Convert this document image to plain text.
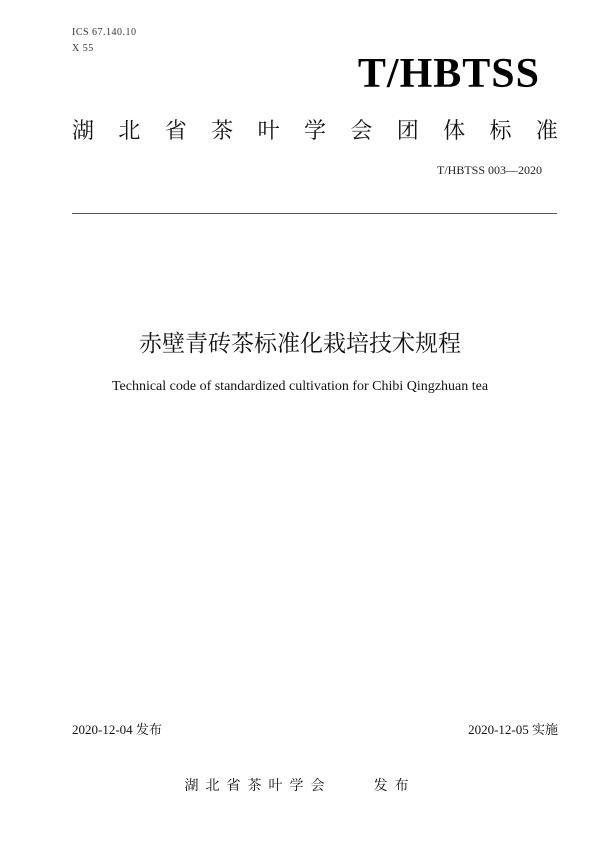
ICS 67.140.10
X 55
T/HBTSS
湖 北 省 茶 叶 学 会 团 体 标 准
T/HBTSS 003—2020
赤壁青砖茶标准化栽培技术规程
Technical code of standardized cultivation for Chibi Qingzhuan tea
2020-12-04 发布	2020-12-05 实施
湖北省茶叶学会　　发布
